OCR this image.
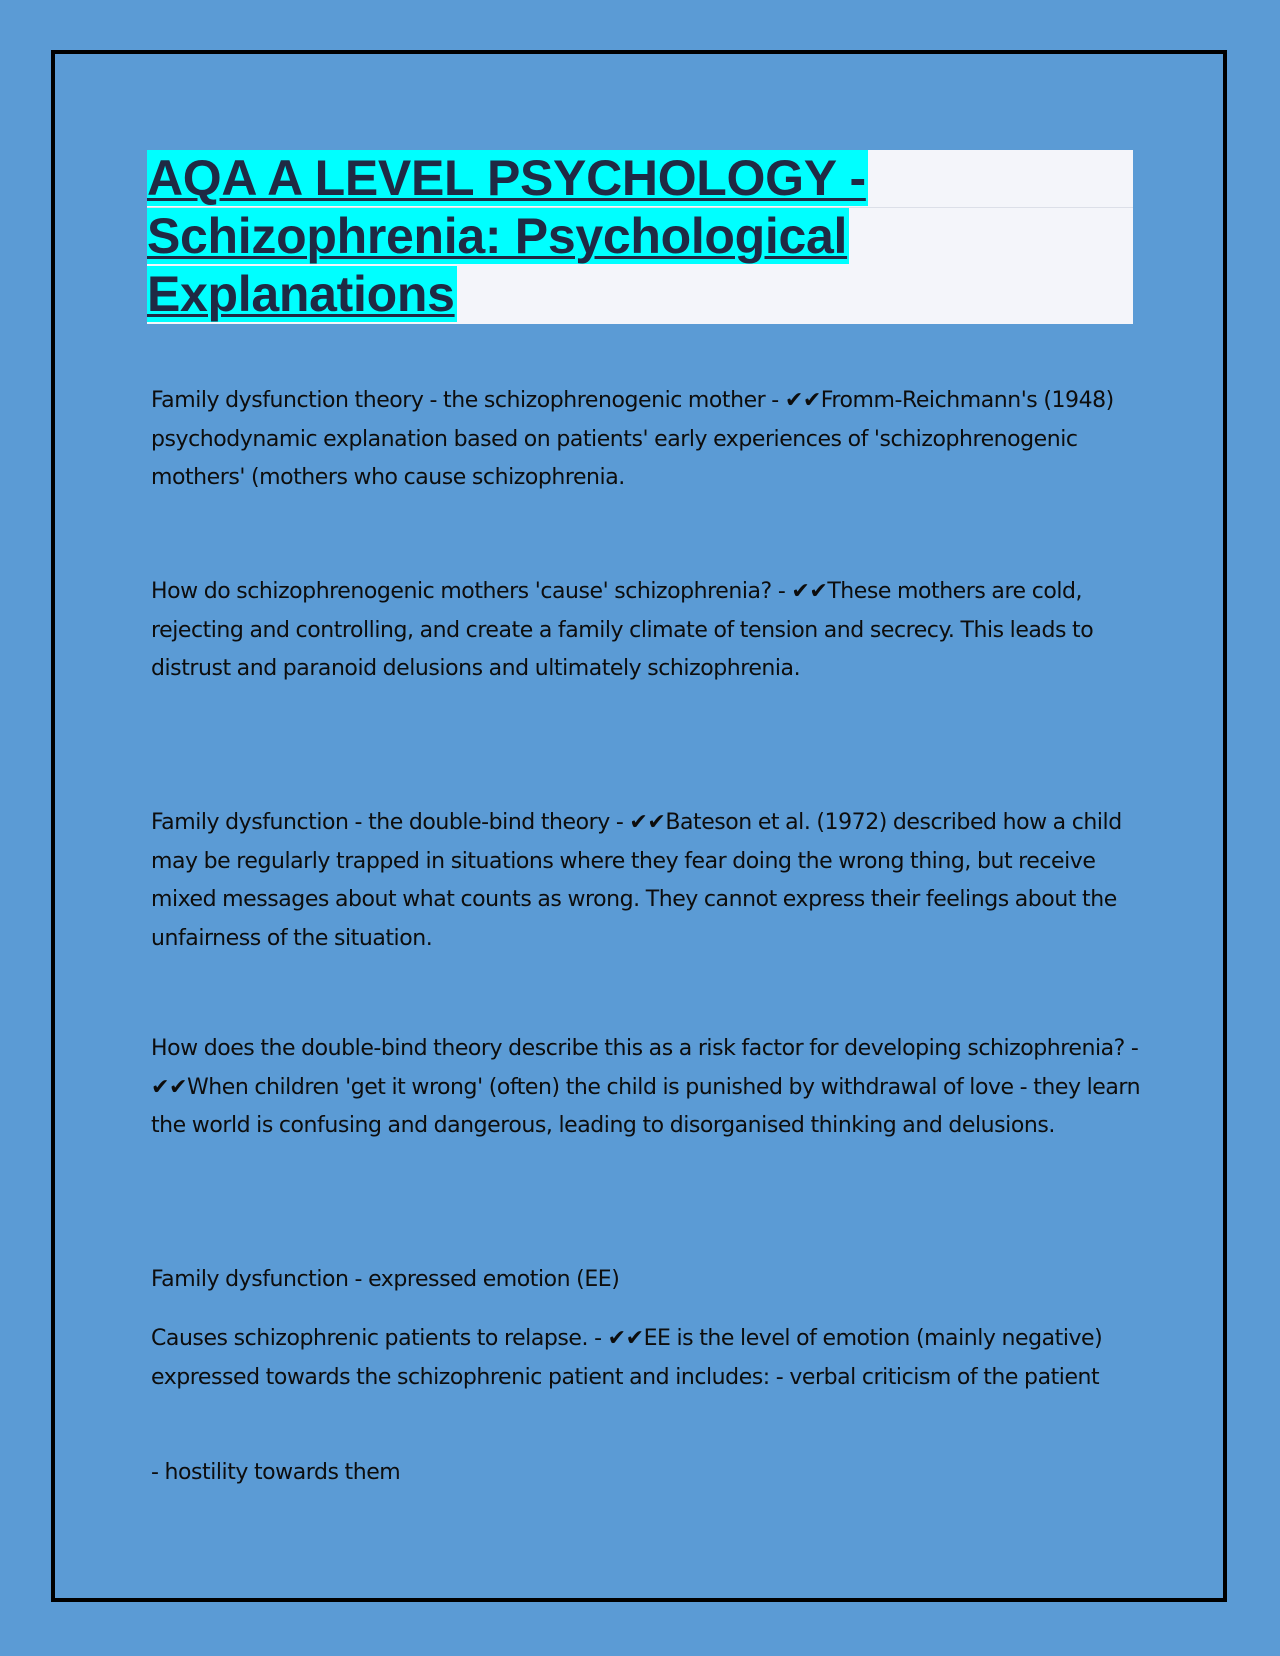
AQA A LEVEL PSYCHOLOGY -
Schizophrenia: Psychological
Explanations

Family dysfunction theory - the schizophrenogenic mother - ✔✔Fromm-Reichmann's (1948) psychodynamic explanation based on patients' early experiences of 'schizophrenogenic mothers' (mothers who cause schizophrenia.

How do schizophrenogenic mothers 'cause' schizophrenia? - ✔✔These mothers are cold, rejecting and controlling, and create a family climate of tension and secrecy. This leads to distrust and paranoid delusions and ultimately schizophrenia.

Family dysfunction - the double-bind theory - ✔✔Bateson et al. (1972) described how a child may be regularly trapped in situations where they fear doing the wrong thing, but receive mixed messages about what counts as wrong. They cannot express their feelings about the unfairness of the situation.

How does the double-bind theory describe this as a risk factor for developing schizophrenia? - ✔✔When children 'get it wrong' (often) the child is punished by withdrawal of love - they learn the world is confusing and dangerous, leading to disorganised thinking and delusions.

Family dysfunction - expressed emotion (EE)

Causes schizophrenic patients to relapse. - ✔✔EE is the level of emotion (mainly negative) expressed towards the schizophrenic patient and includes: - verbal criticism of the patient

- hostility towards them
